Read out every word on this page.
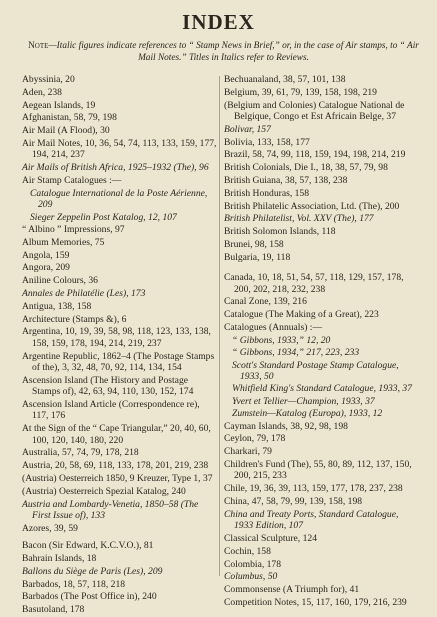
INDEX
Note—Italic figures indicate references to “ Stamp News in Brief,” or, in the case of Air stamps, to “ Air Mail Notes.” Titles in Italics refer to Reviews.
Abyssinia, 20
Aden, 238
Aegean Islands, 19
Afghanistan, 58, 79, 198
Air Mail (A Flood), 30
Air Mail Notes, 10, 36, 54, 74, 113, 133, 159, 177, 194, 214, 237
Air Mails of British Africa, 1925–1932 (The), 96
Air Stamp Catalogues :—
Catalogue International de la Poste Aérienne, 209
Sieger Zeppelin Post Katalog, 12, 107
“ Albino ” Impressions, 97
Album Memories, 75
Angola, 159
Angora, 209
Aniline Colours, 36
Annales de Philatélie (Les), 173
Antigua, 138, 158
Architecture (Stamps &), 6
Argentina, 10, 19, 39, 58, 98, 118, 123, 133, 138, 158, 159, 178, 194, 214, 219, 237
Argentine Republic, 1862–4 (The Postage Stamps of the), 3, 32, 48, 70, 92, 114, 134, 154
Ascension Island (The History and Postage Stamps of), 42, 63, 94, 110, 130, 152, 174
Ascension Island Article (Correspondence re), 117, 176
At the Sign of the “ Cape Triangular,” 20, 40, 60, 100, 120, 140, 180, 220
Australia, 57, 74, 79, 178, 218
Austria, 20, 58, 69, 118, 133, 178, 201, 219, 238
(Austria) Oesterreich 1850, 9 Kreuzer, Type 1, 37
(Austria) Oesterreich Spezial Katalog, 240
Austria and Lombardy-Venetia, 1850–58 (The First Issue of), 133
Azores, 39, 59
Bacon (Sir Edward, K.C.V.O.), 81
Bahrain Islands, 18
Ballons du Siège de Paris (Les), 209
Barbados, 18, 57, 118, 218
Barbados (The Post Office in), 240
Basutoland, 178
Bechuanaland, 38, 57, 101, 138
Belgium, 39, 61, 79, 139, 158, 198, 219
(Belgium and Colonies) Catalogue National de Belgique, Congo et Est Africain Belge, 37
Bolivar, 157
Bolivia, 133, 158, 177
Brazil, 58, 74, 99, 118, 159, 194, 198, 214, 219
British Colonials, Die I., 18, 38, 57, 79, 98
British Guiana, 38, 57, 138, 238
British Honduras, 158
British Philatelic Association, Ltd. (The), 200
British Philatelist, Vol. XXV (The), 177
British Solomon Islands, 118
Brunei, 98, 158
Bulgaria, 19, 118
Canada, 10, 18, 51, 54, 57, 118, 129, 157, 178, 200, 202, 218, 232, 238
Canal Zone, 139, 216
Catalogue (The Making of a Great), 223
Catalogues (Annuals) :—
“ Gibbons, 1933,” 12, 20
“ Gibbons, 1934,” 217, 223, 233
Scott's Standard Postage Stamp Catalogue, 1933, 50
Whitfield King's Standard Catalogue, 1933, 37
Yvert et Tellier—Champion, 1933, 37
Zumstein—Katalog (Europa), 1933, 12
Cayman Islands, 38, 92, 98, 198
Ceylon, 79, 178
Charkari, 79
Children's Fund (The), 55, 80, 89, 112, 137, 150, 200, 215, 233
Chile, 19, 36, 39, 113, 159, 177, 178, 237, 238
China, 47, 58, 79, 99, 139, 158, 198
China and Treaty Ports, Standard Catalogue, 1933 Edition, 107
Classical Sculpture, 124
Cochin, 158
Colombia, 178
Columbus, 50
Commonsense (A Triumph for), 41
Competition Notes, 15, 117, 160, 179, 216, 239
